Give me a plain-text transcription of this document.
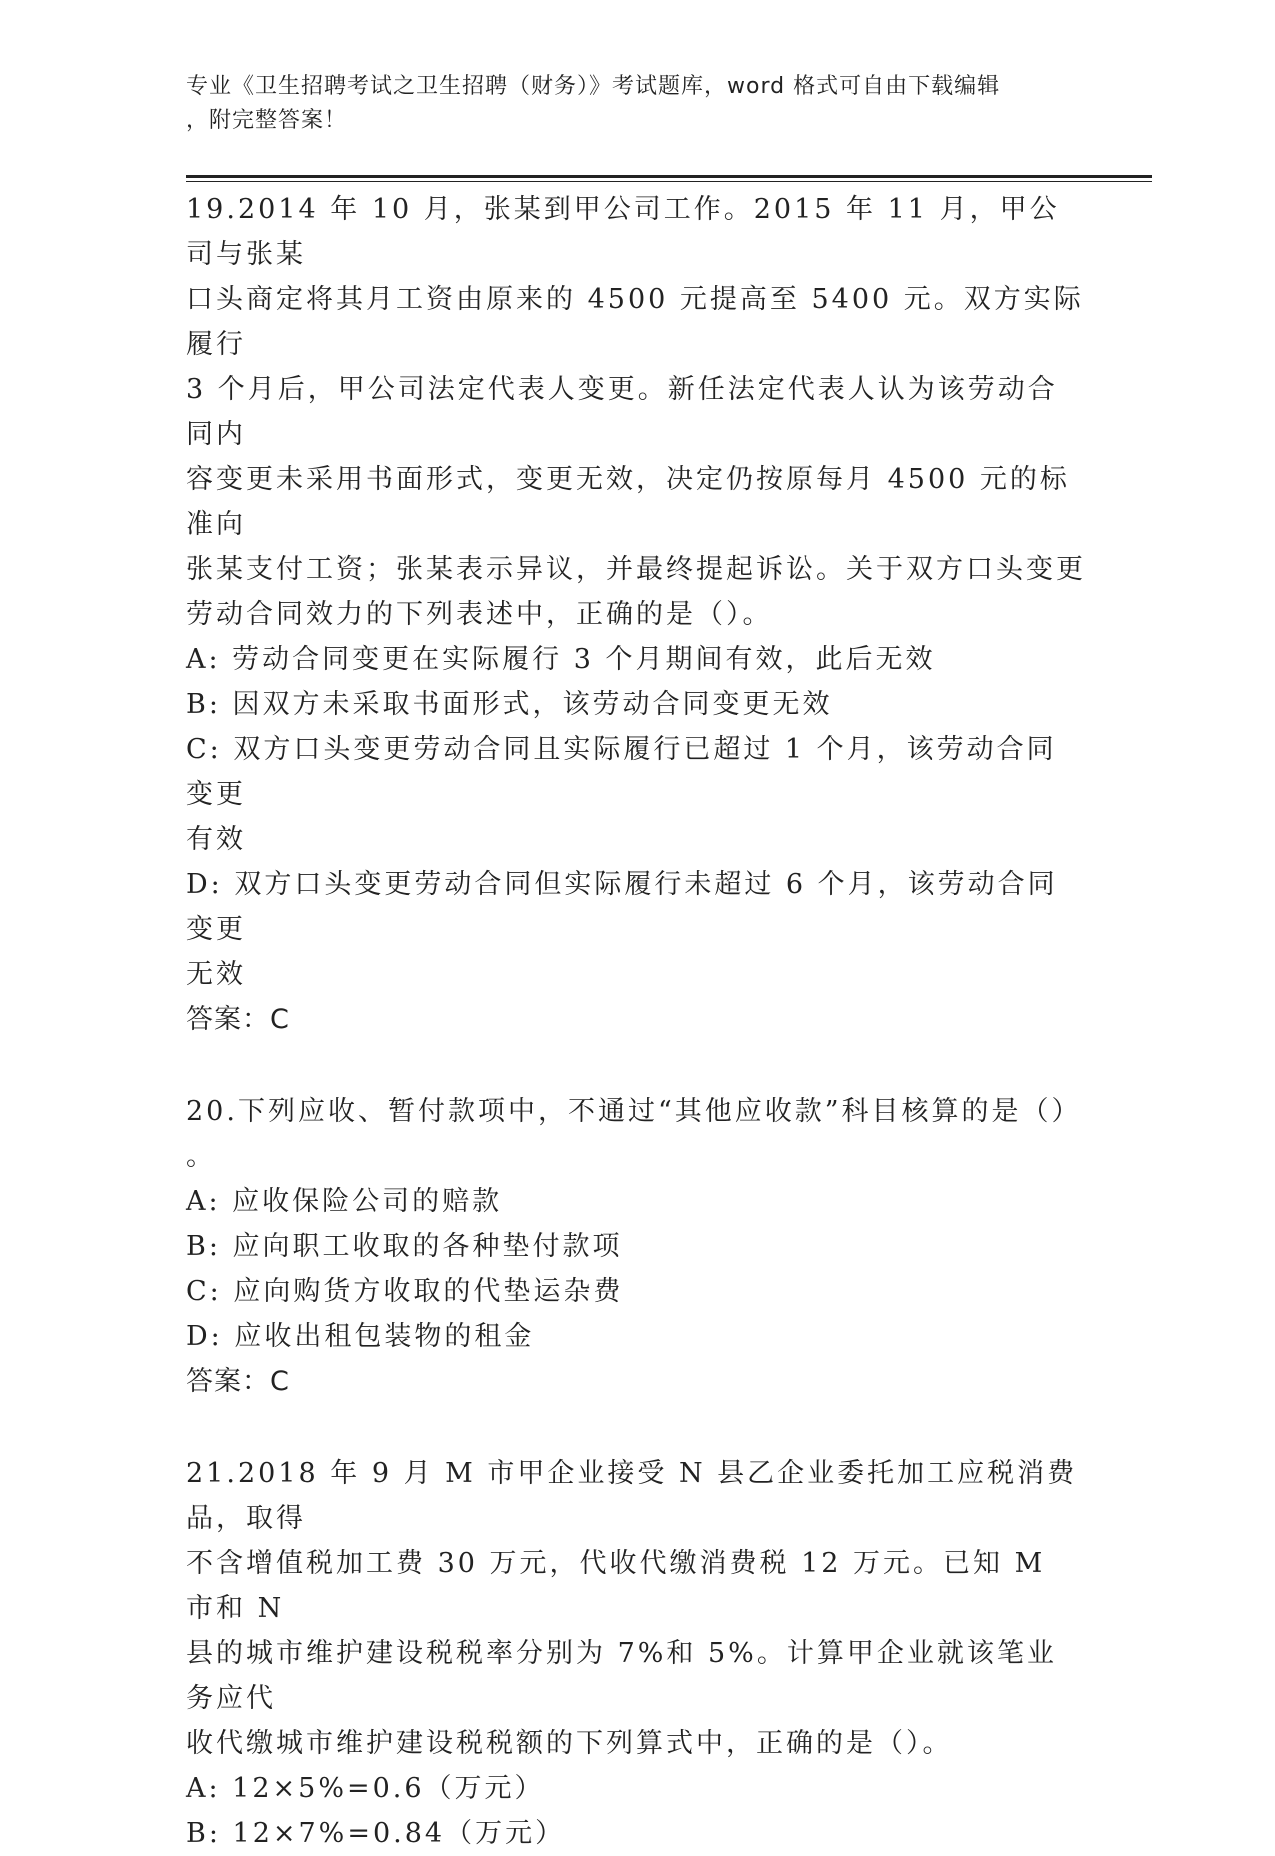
专业《卫生招聘考试之卫生招聘（财务）》考试题库，word 格式可自由下载编辑
，附完整答案！
19.2014 年 10 月，张某到甲公司工作。2015 年 11 月，甲公司与张某
口头商定将其月工资由原来的 4500 元提高至 5400 元。双方实际履行
3 个月后，甲公司法定代表人变更。新任法定代表人认为该劳动合同内
容变更未采用书面形式，变更无效，决定仍按原每月 4500 元的标准向
张某支付工资；张某表示异议，并最终提起诉讼。关于双方口头变更
劳动合同效力的下列表述中，正确的是（）。
A: 劳动合同变更在实际履行 3 个月期间有效，此后无效
B: 因双方未采取书面形式，该劳动合同变更无效
C: 双方口头变更劳动合同且实际履行已超过 1 个月，该劳动合同变更
有效
D: 双方口头变更劳动合同但实际履行未超过 6 个月，该劳动合同变更
无效
答案：C
20.下列应收、暂付款项中，不通过“其他应收款”科目核算的是（）
。
A: 应收保险公司的赔款
B: 应向职工收取的各种垫付款项
C: 应向购货方收取的代垫运杂费
D: 应收出租包装物的租金
答案：C
21.2018 年 9 月 M 市甲企业接受 N 县乙企业委托加工应税消费品，取得
不含增值税加工费 30 万元，代收代缴消费税 12 万元。已知 M 市和 N
县的城市维护建设税税率分别为 7%和 5%。计算甲企业就该笔业务应代
收代缴城市维护建设税税额的下列算式中，正确的是（）。
A: 12×5%=0.6（万元）
B: 12×7%=0.84（万元）
